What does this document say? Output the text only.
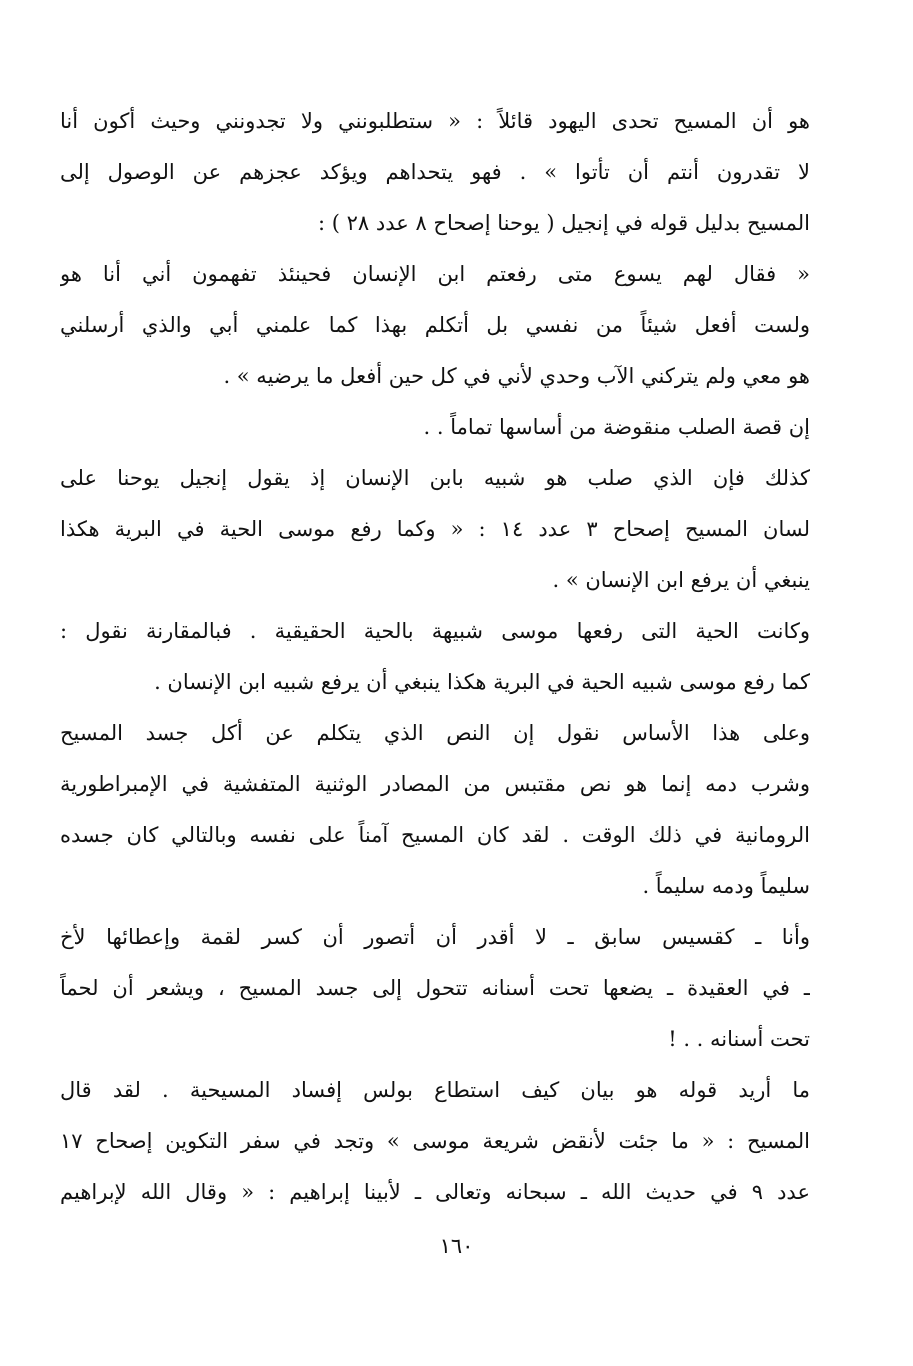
هو أن المسيح تحدى اليهود قائلاً : « ستطلبونني ولا تجدونني وحيث أكون أنا
لا تقدرون أنتم أن تأتوا » . فهو يتحداهم ويؤكد عجزهم عن الوصول إلى
المسيح بدليل قوله في إنجيل ( يوحنا إصحاح ٨ عدد ٢٨ ) :
« فقال لهم يسوع متى رفعتم ابن الإنسان فحينئذ تفهمون أني أنا هو
ولست أفعل شيئاً من نفسي بل أتكلم بهذا كما علمني أبي والذي أرسلني
هو معي ولم يتركني الآب وحدي لأني في كل حين أفعل ما يرضيه » .
إن قصة الصلب منقوضة من أساسها تماماً . .
كذلك فإن الذي صلب هو شبيه بابن الإنسان إذ يقول إنجيل يوحنا على
لسان المسيح إصحاح ٣ عدد ١٤ : « وكما رفع موسى الحية في البرية هكذا
ينبغي أن يرفع ابن الإنسان » .
وكانت الحية التى رفعها موسى شبيهة بالحية الحقيقية . فبالمقارنة نقول :
كما رفع موسى شبيه الحية في البرية هكذا ينبغي أن يرفع شبيه ابن الإنسان .
وعلى هذا الأساس نقول إن النص الذي يتكلم عن أكل جسد المسيح
وشرب دمه إنما هو نص مقتبس من المصادر الوثنية المتفشية في الإمبراطورية
الرومانية في ذلك الوقت . لقد كان المسيح آمناً على نفسه وبالتالي كان جسده
سليماً ودمه سليماً .
وأنا ـ كقسيس سابق ـ لا أقدر أن أتصور أن كسر لقمة وإعطائها لأخ
ـ في العقيدة ـ يضعها تحت أسنانه تتحول إلى جسد المسيح ، ويشعر أن لحماً
تحت أسنانه . . !
ما أريد قوله هو بيان كيف استطاع بولس إفساد المسيحية . لقد قال
المسيح : « ما جئت لأنقض شريعة موسى » وتجد في سفر التكوين إصحاح ١٧
عدد ٩ في حديث الله ـ سبحانه وتعالى ـ لأبينا إبراهيم : « وقال الله لإبراهيم
١٦٠
